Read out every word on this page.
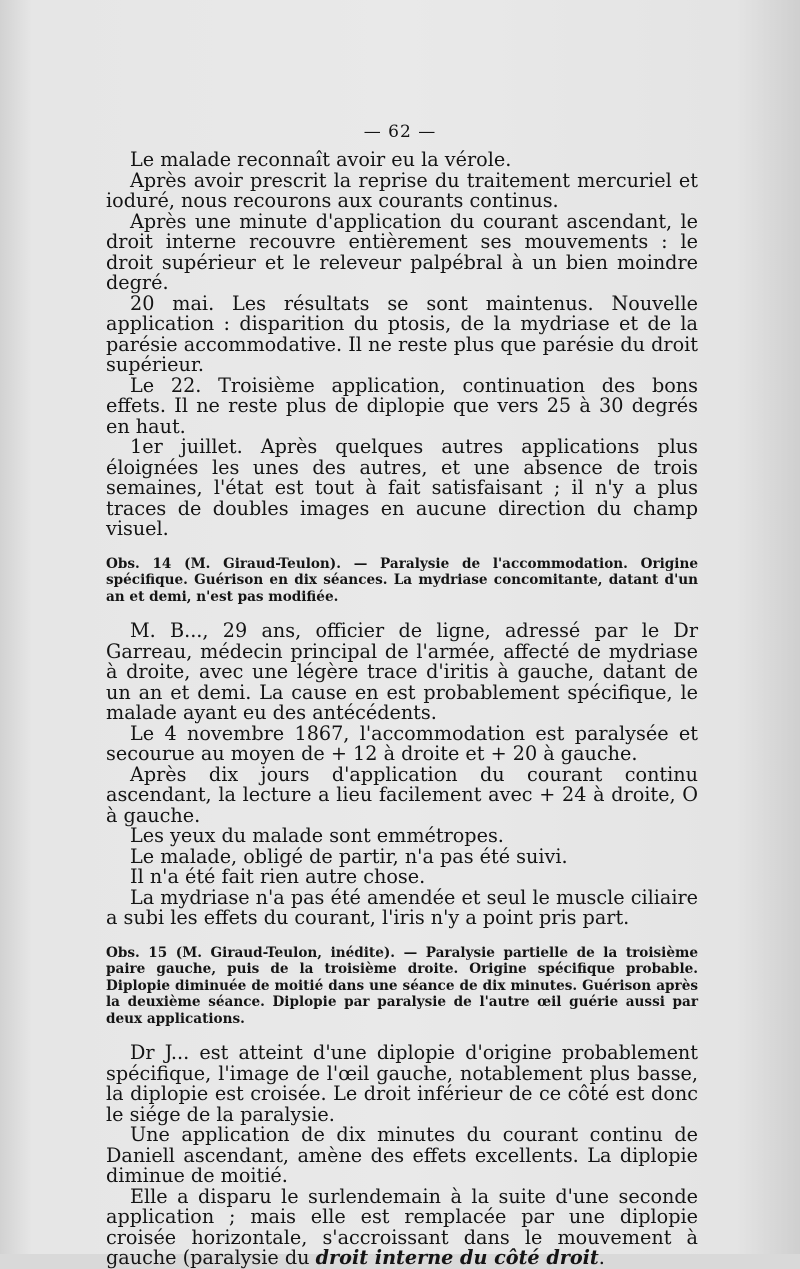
— 62 —

Le malade reconnaît avoir eu la vérole.

Après avoir prescrit la reprise du traitement mercuriel et ioduré, nous recourons aux courants continus.

Après une minute d'application du courant ascendant, le droit interne recouvre entièrement ses mouvements : le droit supérieur et le releveur palpébral à un bien moindre degré.

20 mai. Les résultats se sont maintenus. Nouvelle application : disparition du ptosis, de la mydriase et de la parésie accommodative. Il ne reste plus que parésie du droit supérieur.

Le 22. Troisième application, continuation des bons effets. Il ne reste plus de diplopie que vers 25 à 30 degrés en haut.

1er juillet. Après quelques autres applications plus éloignées les unes des autres, et une absence de trois semaines, l'état est tout à fait satisfaisant ; il n'y a plus traces de doubles images en aucune direction du champ visuel.

Obs. 14 (M. Giraud-Teulon). — Paralysie de l'accommodation. Origine spécifique. Guérison en dix séances. La mydriase concomitante, datant d'un an et demi, n'est pas modifiée.

M. B..., 29 ans, officier de ligne, adressé par le Dr Garreau, médecin principal de l'armée, affecté de mydriase à droite, avec une légère trace d'iritis à gauche, datant de un an et demi. La cause en est probablement spécifique, le malade ayant eu des antécédents.

Le 4 novembre 1867, l'accommodation est paralysée et secourue au moyen de + 12 à droite et + 20 à gauche.

Après dix jours d'application du courant continu ascendant, la lecture a lieu facilement avec + 24 à droite, O à gauche.

Les yeux du malade sont emmétropes.

Le malade, obligé de partir, n'a pas été suivi.

Il n'a été fait rien autre chose.

La mydriase n'a pas été amendée et seul le muscle ciliaire a subi les effets du courant, l'iris n'y a point pris part.

Obs. 15 (M. Giraud-Teulon, inédite). — Paralysie partielle de la troisième paire gauche, puis de la troisième droite. Origine spécifique probable. Diplopie diminuée de moitié dans une séance de dix minutes. Guérison après la deuxième séance. Diplopie par paralysie de l'autre œil guérie aussi par deux applications.

Dr J... est atteint d'une diplopie d'origine probablement spécifique, l'image de l'œil gauche, notablement plus basse, la diplopie est croisée. Le droit inférieur de ce côté est donc le siége de la paralysie.

Une application de dix minutes du courant continu de Daniell ascendant, amène des effets excellents. La diplopie diminue de moitié.

Elle a disparu le surlendemain à la suite d'une seconde application ; mais elle est remplacée par une diplopie croisée horizontale, s'accroissant dans le mouvement à gauche (paralysie du droit interne du côté droit.
